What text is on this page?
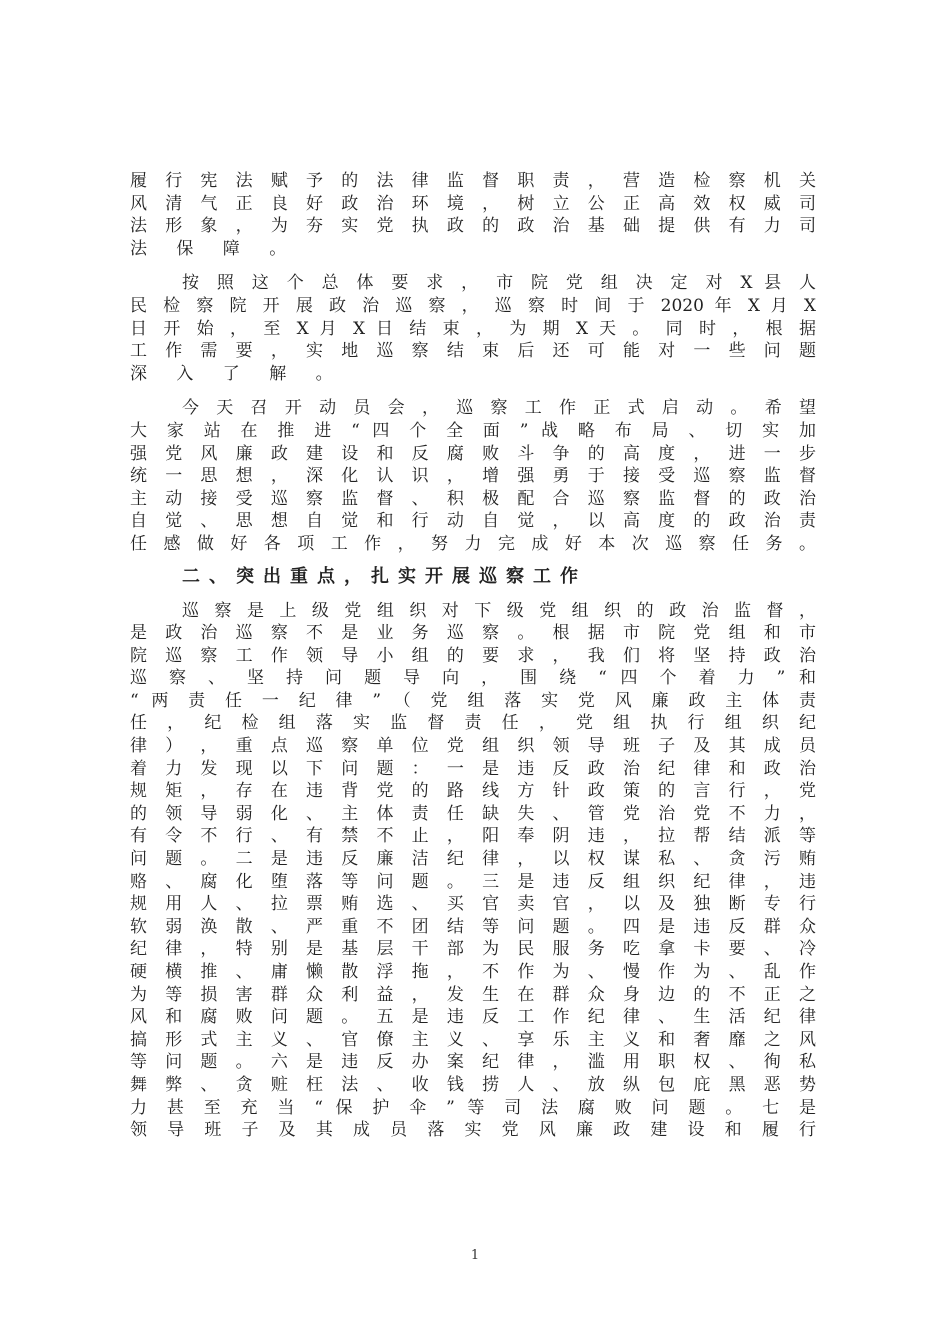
履 行 宪 法 赋 予 的 法 律 监 督 职 责 ， 营 造 检 察 机 关
风 清 气 正 良 好 政 治 环 境 ， 树 立 公 正 高 效 权 威 司
法 形 象 ， 为 夯 实 党 执 政 的 政 治 基 础 提 供 有 力 司
法 保 障 。
按 照 这 个 总 体 要 求 ， 市 院 党 组 决 定 对 X 县 人
民 检 察 院 开 展 政 治 巡 察 ， 巡 察 时 间 于 2020 年 X 月 X
日 开 始 ， 至 X 月 X 日 结 束 ， 为 期 X 天 。 同 时 ， 根 据
工 作 需 要 ， 实 地 巡 察 结 束 后 还 可 能 对 一 些 问 题
深 入 了 解 。
今 天 召 开 动 员 会 ， 巡 察 工 作 正 式 启 动 。 希 望
大 家 站 在 推 进 “ 四 个 全 面 ” 战 略 布 局 、 切 实 加
强 党 风 廉 政 建 设 和 反 腐 败 斗 争 的 高 度 ， 进 一 步
统 一 思 想 ， 深 化 认 识 ， 增 强 勇 于 接 受 巡 察 监 督
主 动 接 受 巡 察 监 督 、 积 极 配 合 巡 察 监 督 的 政 治
自 觉 、 思 想 自 觉 和 行 动 自 觉 ， 以 高 度 的 政 治 责
任 感 做 好 各 项 工 作 ， 努 力 完 成 好 本 次 巡 察 任 务 。
二、突出重点，扎实开展巡察工作
巡 察 是 上 级 党 组 织 对 下 级 党 组 织 的 政 治 监 督 ，
是 政 治 巡 察 不 是 业 务 巡 察 。 根 据 市 院 党 组 和 市
院 巡 察 工 作 领 导 小 组 的 要 求 ， 我 们 将 坚 持 政 治
巡 察 、 坚 持 问 题 导 向 ， 围 绕 “ 四 个 着 力 ” 和
“ 两 责 任 一 纪 律 ” （ 党 组 落 实 党 风 廉 政 主 体 责
任 ， 纪 检 组 落 实 监 督 责 任 ， 党 组 执 行 组 织 纪
律 ） ， 重 点 巡 察 单 位 党 组 织 领 导 班 子 及 其 成 员
着 力 发 现 以 下 问 题 ： 一 是 违 反 政 治 纪 律 和 政 治
规 矩 ， 存 在 违 背 党 的 路 线 方 针 政 策 的 言 行 ， 党
的 领 导 弱 化 、 主 体 责 任 缺 失 、 管 党 治 党 不 力 ，
有 令 不 行 、 有 禁 不 止 ， 阳 奉 阴 违 ， 拉 帮 结 派 等
问 题 。 二 是 违 反 廉 洁 纪 律 ， 以 权 谋 私 、 贪 污 贿
赂 、 腐 化 堕 落 等 问 题 。 三 是 违 反 组 织 纪 律 ， 违
规 用 人 、 拉 票 贿 选 、 买 官 卖 官 ， 以 及 独 断 专 行
软 弱 涣 散 、 严 重 不 团 结 等 问 题 。 四 是 违 反 群 众
纪 律 ， 特 别 是 基 层 干 部 为 民 服 务 吃 拿 卡 要 、 冷
硬 横 推 、 庸 懒 散 浮 拖 ， 不 作 为 、 慢 作 为 、 乱 作
为 等 损 害 群 众 利 益 ， 发 生 在 群 众 身 边 的 不 正 之
风 和 腐 败 问 题 。 五 是 违 反 工 作 纪 律 、 生 活 纪 律
搞 形 式 主 义 、 官 僚 主 义 、 享 乐 主 义 和 奢 靡 之 风
等 问 题 。 六 是 违 反 办 案 纪 律 ， 滥 用 职 权 、 徇 私
舞 弊 、 贪 赃 枉 法 、 收 钱 捞 人 、 放 纵 包 庇 黑 恶 势
力 甚 至 充 当 “ 保 护 伞 ” 等 司 法 腐 败 问 题 。 七 是
领 导 班 子 及 其 成 员 落 实 党 风 廉 政 建 设 和 履 行
1
